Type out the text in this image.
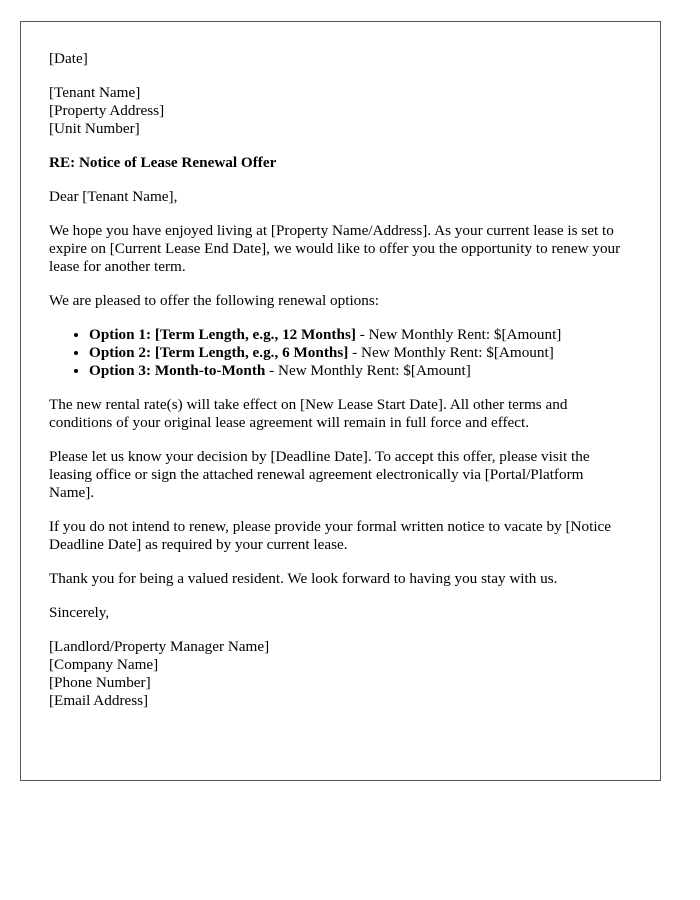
[Date]
[Tenant Name]
[Property Address]
[Unit Number]
RE: Notice of Lease Renewal Offer
Dear [Tenant Name],
We hope you have enjoyed living at [Property Name/Address]. As your current lease is set to expire on [Current Lease End Date], we would like to offer you the opportunity to renew your lease for another term.
We are pleased to offer the following renewal options:
• Option 1: [Term Length, e.g., 12 Months] - New Monthly Rent: $[Amount]
• Option 2: [Term Length, e.g., 6 Months] - New Monthly Rent: $[Amount]
• Option 3: Month-to-Month - New Monthly Rent: $[Amount]
The new rental rate(s) will take effect on [New Lease Start Date]. All other terms and conditions of your original lease agreement will remain in full force and effect.
Please let us know your decision by [Deadline Date]. To accept this offer, please visit the leasing office or sign the attached renewal agreement electronically via [Portal/Platform Name].
If you do not intend to renew, please provide your formal written notice to vacate by [Notice Deadline Date] as required by your current lease.
Thank you for being a valued resident. We look forward to having you stay with us.
Sincerely,
[Landlord/Property Manager Name]
[Company Name]
[Phone Number]
[Email Address]
